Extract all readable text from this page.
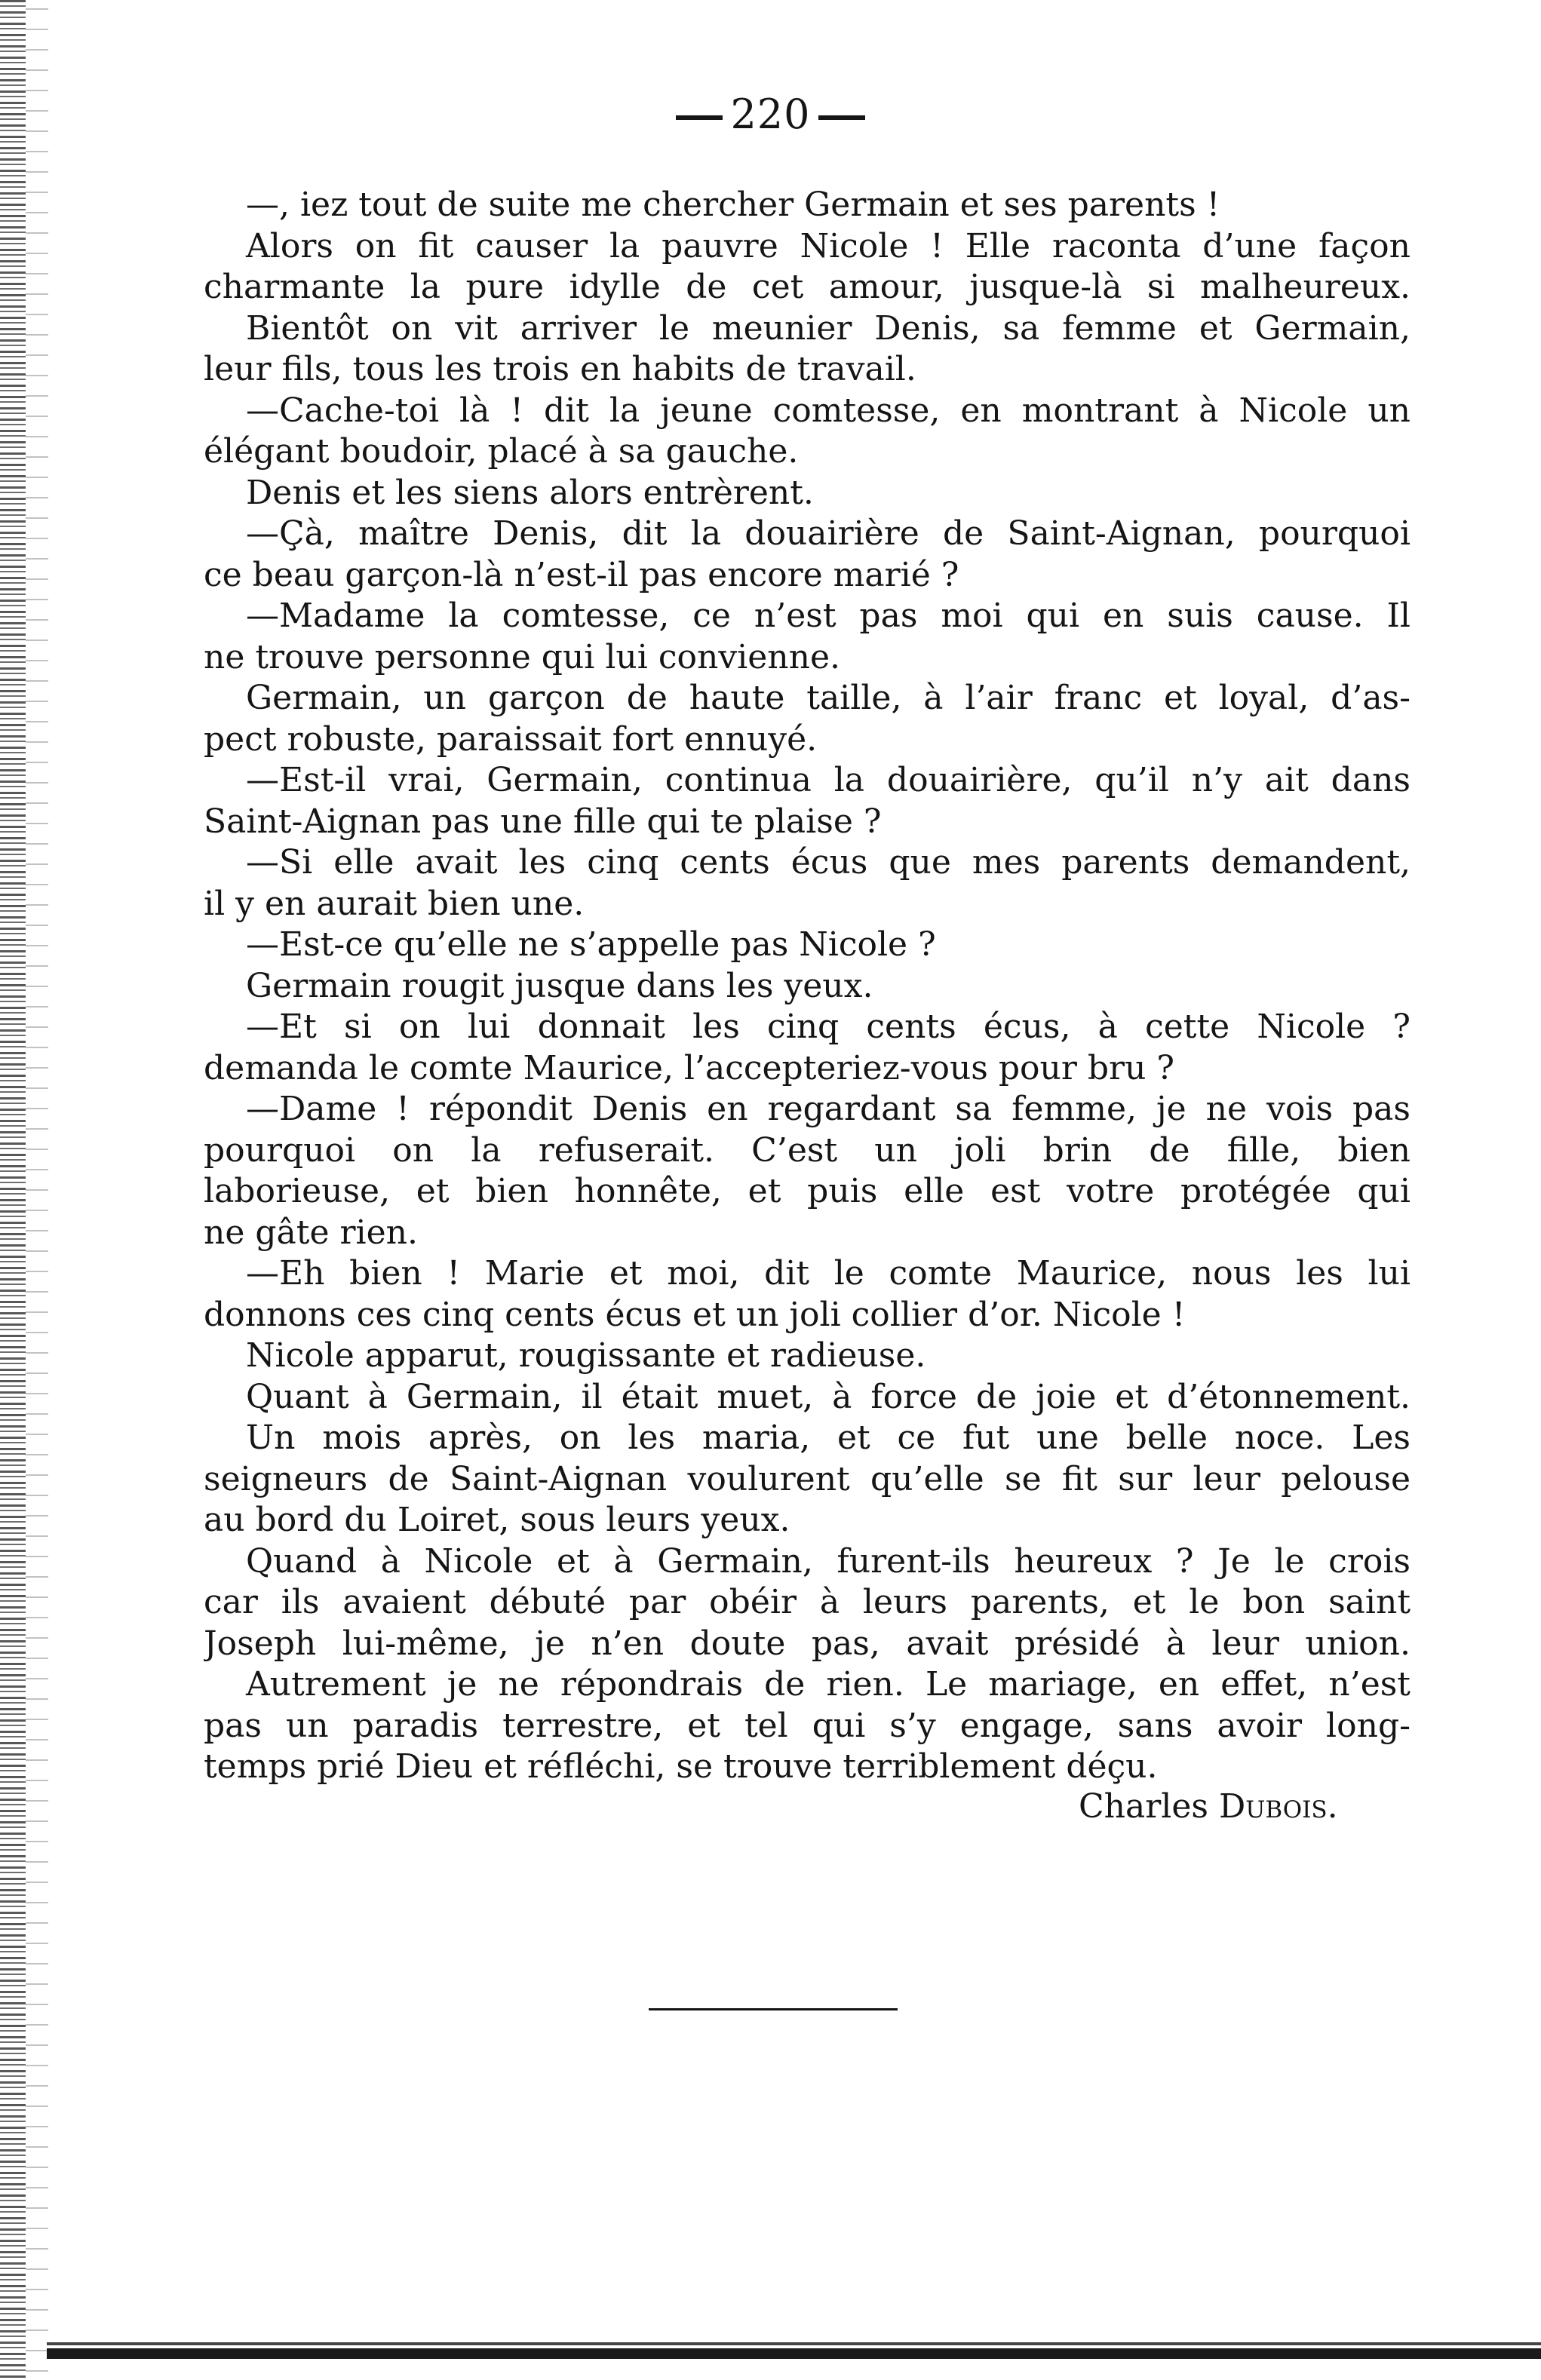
220
—, iez tout de suite me chercher Germain et ses parents !
Alors on fit causer la pauvre Nicole ! Elle raconta d’une façon
charmante la pure idylle de cet amour, jusque-là si malheureux.
Bientôt on vit arriver le meunier Denis, sa femme et Germain,
leur fils, tous les trois en habits de travail.
—Cache-toi là ! dit la jeune comtesse, en montrant à Nicole un
élégant boudoir, placé à sa gauche.
Denis et les siens alors entrèrent.
—Çà, maître Denis, dit la douairière de Saint-Aignan, pourquoi
ce beau garçon-là n’est-il pas encore marié ?
—Madame la comtesse, ce n’est pas moi qui en suis cause. Il
ne trouve personne qui lui convienne.
Germain, un garçon de haute taille, à l’air franc et loyal, d’as-
pect robuste, paraissait fort ennuyé.
—Est-il vrai, Germain, continua la douairière, qu’il n’y ait dans
Saint-Aignan pas une fille qui te plaise ?
—Si elle avait les cinq cents écus que mes parents demandent,
il y en aurait bien une.
—Est-ce qu’elle ne s’appelle pas Nicole ?
Germain rougit jusque dans les yeux.
—Et si on lui donnait les cinq cents écus, à cette Nicole ?
demanda le comte Maurice, l’accepteriez-vous pour bru ?
—Dame ! répondit Denis en regardant sa femme, je ne vois pas
pourquoi on la refuserait. C’est un joli brin de fille, bien
laborieuse, et bien honnête, et puis elle est votre protégée qui
ne gâte rien.
—Eh bien ! Marie et moi, dit le comte Maurice, nous les lui
donnons ces cinq cents écus et un joli collier d’or. Nicole !
Nicole apparut, rougissante et radieuse.
Quant à Germain, il était muet, à force de joie et d’étonnement.
Un mois après, on les maria, et ce fut une belle noce. Les
seigneurs de Saint-Aignan voulurent qu’elle se fit sur leur pelouse
au bord du Loiret, sous leurs yeux.
Quand à Nicole et à Germain, furent-ils heureux ? Je le crois
car ils avaient débuté par obéir à leurs parents, et le bon saint
Joseph lui-même, je n’en doute pas, avait présidé à leur union.
Autrement je ne répondrais de rien. Le mariage, en effet, n’est
pas un paradis terrestre, et tel qui s’y engage, sans avoir long-
temps prié Dieu et réfléchi, se trouve terriblement déçu.
Charles Dubois.
